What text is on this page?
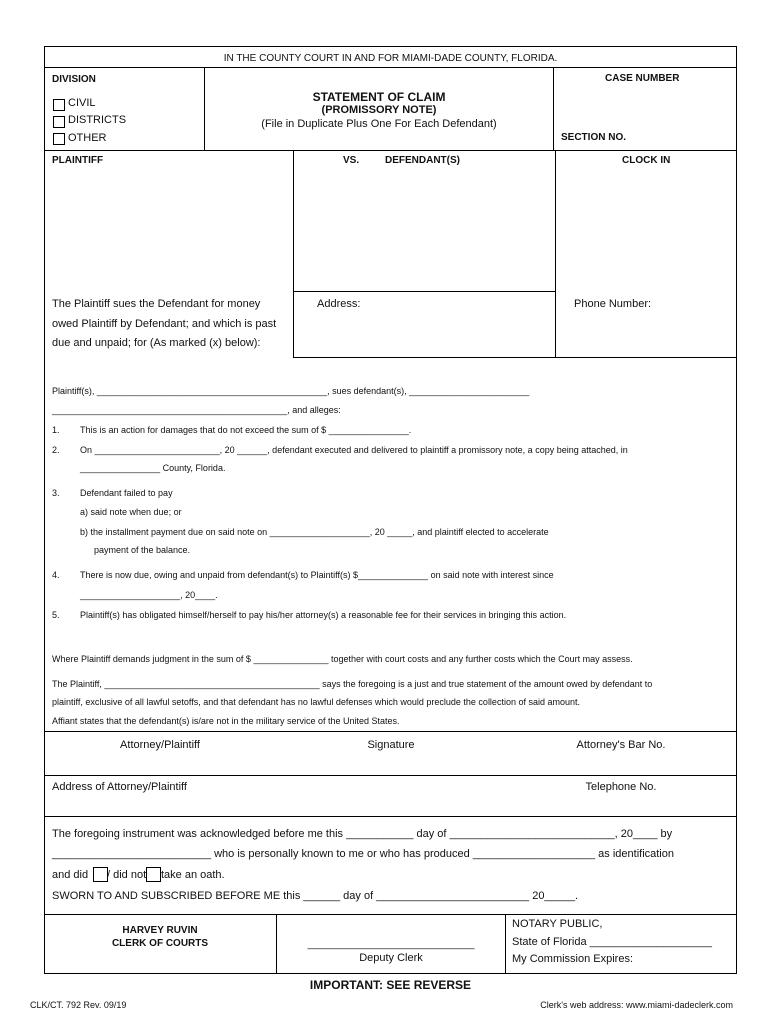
IN THE COUNTY COURT IN AND FOR MIAMI-DADE COUNTY, FLORIDA.
DIVISION
CIVIL
DISTRICTS
OTHER
STATEMENT OF CLAIM
(PROMISSORY NOTE)
(File in Duplicate Plus One For Each Defendant)
CASE NUMBER
SECTION NO.
PLAINTIFF	VS.	DEFENDANT(S)	CLOCK IN
The Plaintiff sues the Defendant for money
owed Plaintiff by Defendant; and which is past
due and unpaid; for (As marked (x) below):
Address:	Phone Number:
Plaintiff(s), ______________________________________________, sues defendant(s), ________________________
_______________________________________________, and alleges:
1. This is an action for damages that do not exceed the sum of $ ________________.
2. On _________________________, 20 ______, defendant executed and delivered to plaintiff a promissory note, a copy being attached, in
________________ County, Florida.
3. Defendant failed to pay
a) said note when due; or
b) the installment payment due on said note on ____________________, 20 _____, and plaintiff elected to accelerate
payment of the balance.
4. There is now due, owing and unpaid from defendant(s) to Plaintiff(s) $______________ on said note with interest since
____________________, 20____.
5. Plaintiff(s) has obligated himself/herself to pay his/her attorney(s) a reasonable fee for their services in bringing this action.
Where Plaintiff demands judgment in the sum of $ _______________ together with court costs and any further costs which the Court may assess.
The Plaintiff, ___________________________________________ says the foregoing is a just and true statement of the amount owed by defendant to
plaintiff, exclusive of all lawful setoffs, and that defendant has no lawful defenses which would preclude the collection of said amount.
Affiant states that the defendant(s) is/are not in the military service of the United States.
Attorney/Plaintiff	Signature	Attorney's Bar No.
Address of Attorney/Plaintiff	Telephone No.
The foregoing instrument was acknowledged before me this ___________ day of ___________________________, 20____ by
__________________________ who is personally known to me or who has produced ____________________ as identification
and did / did not take an oath.
SWORN TO AND SUBSCRIBED BEFORE ME this ______ day of _________________________ 20_____.
HARVEY RUVIN
CLERK OF COURTS	______________________________
Deputy Clerk
NOTARY PUBLIC,
State of Florida ____________________
My Commission Expires:
IMPORTANT: SEE REVERSE
CLK/CT. 792 Rev. 09/19	Clerk's web address: www.miami-dadeclerk.com
